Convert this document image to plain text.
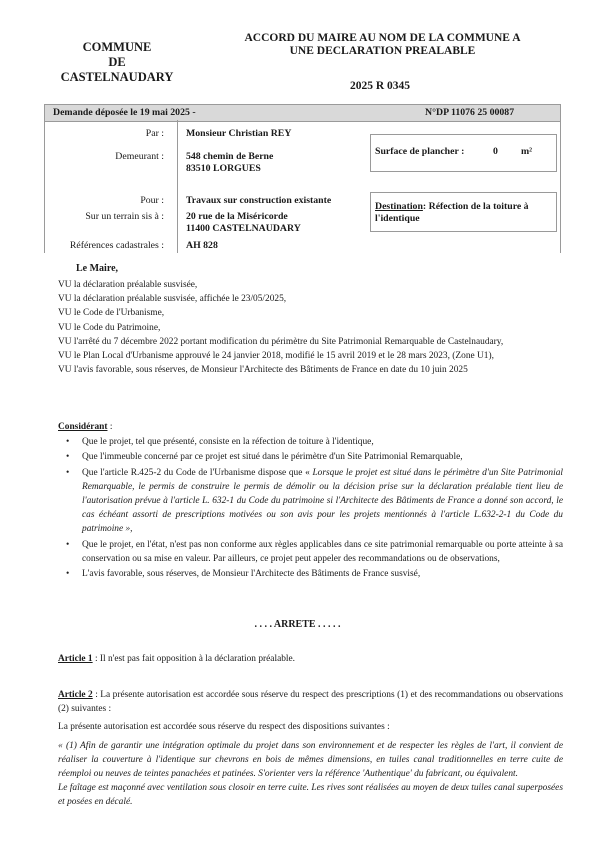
COMMUNE
DE
CASTELNAUDARY
ACCORD DU MAIRE AU NOM DE LA COMMUNE A
UNE DECLARATION PREALABLE
2025 R 0345
Demande déposée le 19 mai 2025 -	N°DP 11076 25 00087
Par : Monsieur Christian REY
Demeurant : 548 chemin de Berne
83510 LORGUES
Pour : Travaux sur construction existante
Sur un terrain sis à : 20 rue de la Miséricorde
11400 CASTELNAUDARY
Références cadastrales : AH 828
Surface de plancher :	0 m²
Destination: Réfection de la toiture à l'identique
Le Maire,

VU la déclaration préalable susvisée,

VU la déclaration préalable susvisée, affichée le 23/05/2025,

VU le Code de l'Urbanisme,

VU le Code du Patrimoine,

VU l'arrêté du 7 décembre 2022 portant modification du périmètre du Site Patrimonial Remarquable de Castelnaudary,

VU le Plan Local d'Urbanisme approuvé le 24 janvier 2018, modifié le 15 avril 2019 et le 28 mars 2023, (Zone U1),

VU l'avis favorable, sous réserves, de Monsieur l'Architecte des Bâtiments de France en date du 10 juin 2025

Considérant :

• Que le projet, tel que présenté, consiste en la réfection de toiture à l'identique,
• Que l'immeuble concerné par ce projet est situé dans le périmètre d'un Site Patrimonial Remarquable,
• Que l'article R.425-2 du Code de l'Urbanisme dispose que « Lorsque le projet est situé dans le périmètre d'un Site Patrimonial Remarquable, le permis de construire le permis de démolir ou la décision prise sur la déclaration préalable tient lieu de l'autorisation prévue à l'article L. 632-1 du Code du patrimoine si l'Architecte des Bâtiments de France a donné son accord, le cas échéant assorti de prescriptions motivées ou son avis pour les projets mentionnés à l'article L.632-2-1 du Code du patrimoine »,
• Que le projet, en l'état, n'est pas non conforme aux règles applicables dans ce site patrimonial remarquable ou porte atteinte à sa conservation ou sa mise en valeur. Par ailleurs, ce projet peut appeler des recommandations ou de observations,
• L'avis favorable, sous réserves, de Monsieur l'Architecte des Bâtiments de France susvisé,
. . . . ARRETE . . . . .
Article 1 : Il n'est pas fait opposition à la déclaration préalable.

Article 2 : La présente autorisation est accordée sous réserve du respect des prescriptions (1) et des recommandations ou observations (2) suivantes :

La présente autorisation est accordée sous réserve du respect des dispositions suivantes :

« (1) Afin de garantir une intégration optimale du projet dans son environnement et de respecter les règles de l'art, il convient de réaliser la couverture à l'identique sur chevrons en bois de mêmes dimensions, en tuiles canal traditionnelles en terre cuite de réemploi ou neuves de teintes panachées et patinées. S'orienter vers la référence 'Authentique' du fabricant, ou équivalent.

Le faîtage est maçonné avec ventilation sous closoir en terre cuite. Les rives sont réalisées au moyen de deux tuiles canal superposées et posées en décalé.
